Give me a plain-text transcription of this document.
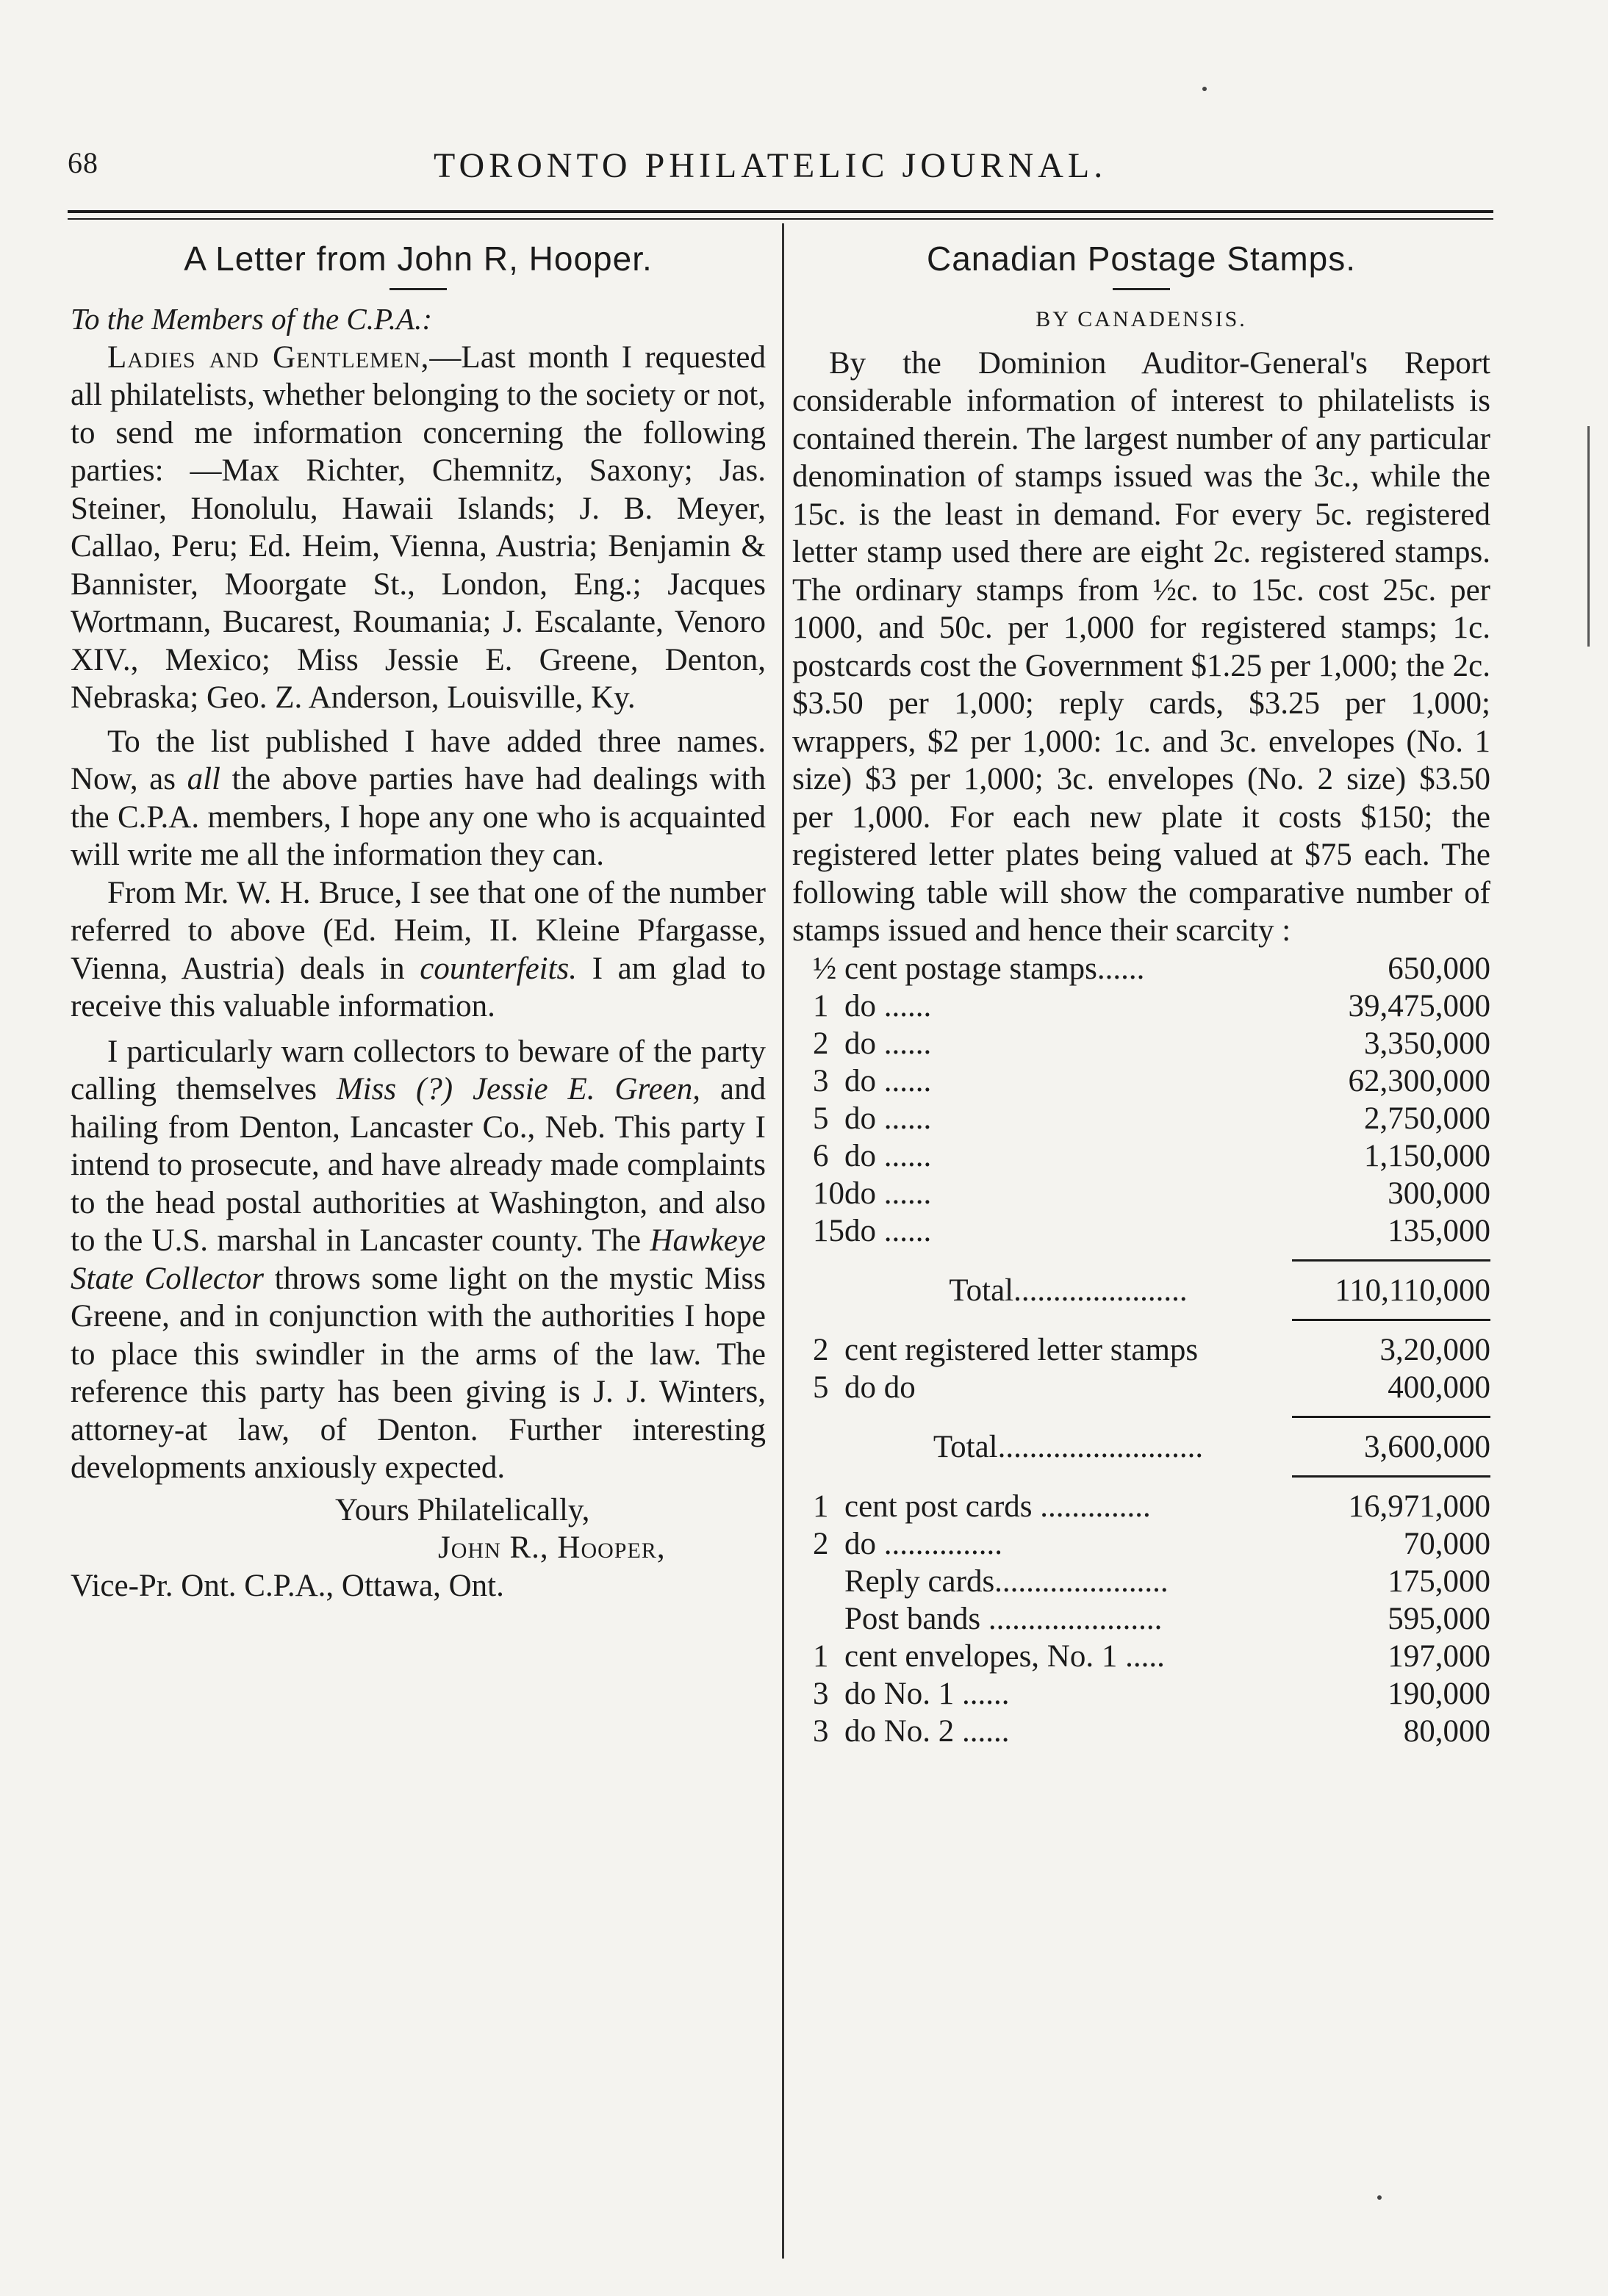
68	TORONTO PHILATELIC JOURNAL.
A Letter from John R, Hooper.

To the Members of the C.P.A.:

Ladies and Gentlemen,—Last month I requested all philatelists, whether belonging to the society or not, to send me information concerning the following parties: —Max Richter, Chemnitz, Saxony; Jas. Steiner, Honolulu, Hawaii Islands; J. B. Meyer, Callao, Peru; Ed. Heim, Vienna, Austria; Benjamin & Bannister, Moorgate St., London, Eng.; Jacques Wortmann, Bucarest, Roumania; J. Escalante, Venoro XIV., Mexico; Miss Jessie E. Greene, Denton, Nebraska; Geo. Z. Anderson, Louisville, Ky.

To the list published I have added three names. Now, as all the above parties have had dealings with the C.P.A. members, I hope any one who is acquainted will write me all the information they can.

From Mr. W. H. Bruce, I see that one of the number referred to above (Ed. Heim, II. Kleine Pfargasse, Vienna, Austria) deals in counterfeits. I am glad to receive this valuable information.

I particularly warn collectors to beware of the party calling themselves Miss (?) Jessie E. Green, and hailing from Denton, Lancaster Co., Neb. This party I intend to prosecute, and have already made complaints to the head postal authorities at Washington, and also to the U.S. marshal in Lancaster county. The Hawkeye State Collector throws some light on the mystic Miss Greene, and in conjunction with the authorities I hope to place this swindler in the arms of the law. The reference this party has been giving is J. J. Winters, attorney-at law, of Denton. Further interesting developments anxiously expected.

Yours Philatelically,
John R., Hooper,
Vice-Pr. Ont. C.P.A., Ottawa, Ont.
Canadian Postage Stamps.
BY CANADENSIS.

By the Dominion Auditor-General's Report considerable information of interest to philatelists is contained therein. The largest number of any particular denomination of stamps issued was the 3c., while the 15c. is the least in demand. For every 5c. registered letter stamp used there are eight 2c. registered stamps. The ordinary stamps from ½c. to 15c. cost 25c. per 1000, and 50c. per 1,000 for registered stamps; 1c. postcards cost the Government $1.25 per 1,000; the 2c. $3.50 per 1,000; reply cards, $3.25 per 1,000; wrappers, $2 per 1,000: 1c. and 3c. envelopes (No. 1 size) $3 per 1,000; 3c. envelopes (No. 2 size) $3.50 per 1,000. For each new plate it costs $150; the registered letter plates being valued at $75 each. The following table will show the comparative number of stamps issued and hence their scarcity :

½	cent postage stamps......	650,000
1	do ......	39,475,000
2	do ......	3,350,000
3	do ......	62,300,000
5	do ......	2,750,000
6	do ......	1,150,000
10	do ......	300,000
15	do ......	135,000

	Total......................	110,110,000

2	cent registered letter stamps	3,20,000
5	do do	400,000

	Total..........................	3,600,000

1	cent post cards ..............	16,971,000
2	do ...............	70,000
	Reply cards......................	175,000
	Post bands ......................	595,000
1	cent envelopes, No. 1 .....	197,000
3	do No. 1 ......	190,000
3	do No. 2 ......	80,000
